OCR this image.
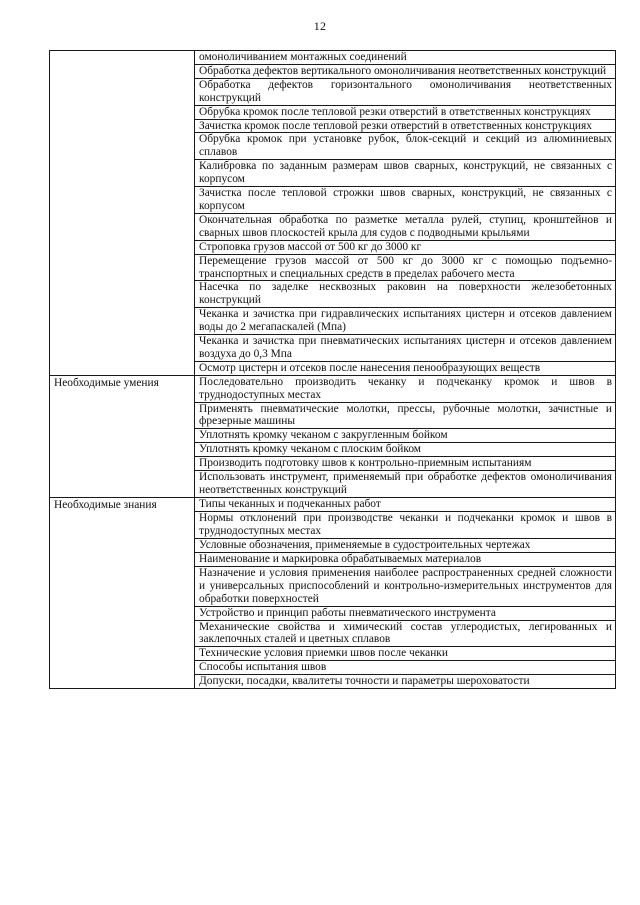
12
	омоноличиванием монтажных соединений
	Обработка дефектов вертикального омоноличивания неответственных конструкций
	Обработка дефектов горизонтального омоноличивания неответственных конструкций
	Обрубка кромок после тепловой резки отверстий в ответственных конструкциях
	Зачистка кромок после тепловой резки отверстий в ответственных конструкциях
	Обрубка кромок при установке рубок, блок-секций и секций из алюминиевых сплавов
	Калибровка по заданным размерам швов сварных, конструкций, не связанных с корпусом
	Зачистка после тепловой строжки швов сварных, конструкций, не связанных с корпусом
	Окончательная обработка по разметке металла рулей, ступиц, кронштейнов и сварных швов плоскостей крыла для судов с подводными крыльями
	Строповка грузов массой от 500 кг до 3000 кг
	Перемещение грузов массой от 500 кг до 3000 кг с помощью подъемно-транспортных и специальных средств в пределах рабочего места
	Насечка по заделке несквозных раковин на поверхности железобетонных конструкций
	Чеканка и зачистка при гидравлических испытаниях цистерн и отсеков давлением воды до 2 мегапаскалей (Мпа)
	Чеканка и зачистка при пневматических испытаниях цистерн и отсеков давлением воздуха до 0,3 Мпа
	Осмотр цистерн и отсеков после нанесения пенообразующих веществ
Необходимые умения	Последовательно производить чеканку и подчеканку кромок и швов в труднодоступных местах
	Применять пневматические молотки, прессы, рубочные молотки, зачистные и фрезерные машины
	Уплотнять кромку чеканом с закругленным бойком
	Уплотнять кромку чеканом с плоским бойком
	Производить подготовку швов к контрольно-приемным испытаниям
	Использовать инструмент, применяемый при обработке дефектов омоноличивания неответственных конструкций
Необходимые знания	Типы чеканных и подчеканных работ
	Нормы отклонений при производстве чеканки и подчеканки кромок и швов в труднодоступных местах
	Условные обозначения, применяемые в судостроительных чертежах
	Наименование и маркировка обрабатываемых материалов
	Назначение и условия применения наиболее распространенных средней сложности и универсальных приспособлений и контрольно-измерительных инструментов для обработки поверхностей
	Устройство и принцип работы пневматического инструмента
	Механические свойства и химический состав углеродистых, легированных и заклепочных сталей и цветных сплавов
	Технические условия приемки швов после чеканки
	Способы испытания швов
	Допуски, посадки, квалитеты точности и параметры шероховатости
